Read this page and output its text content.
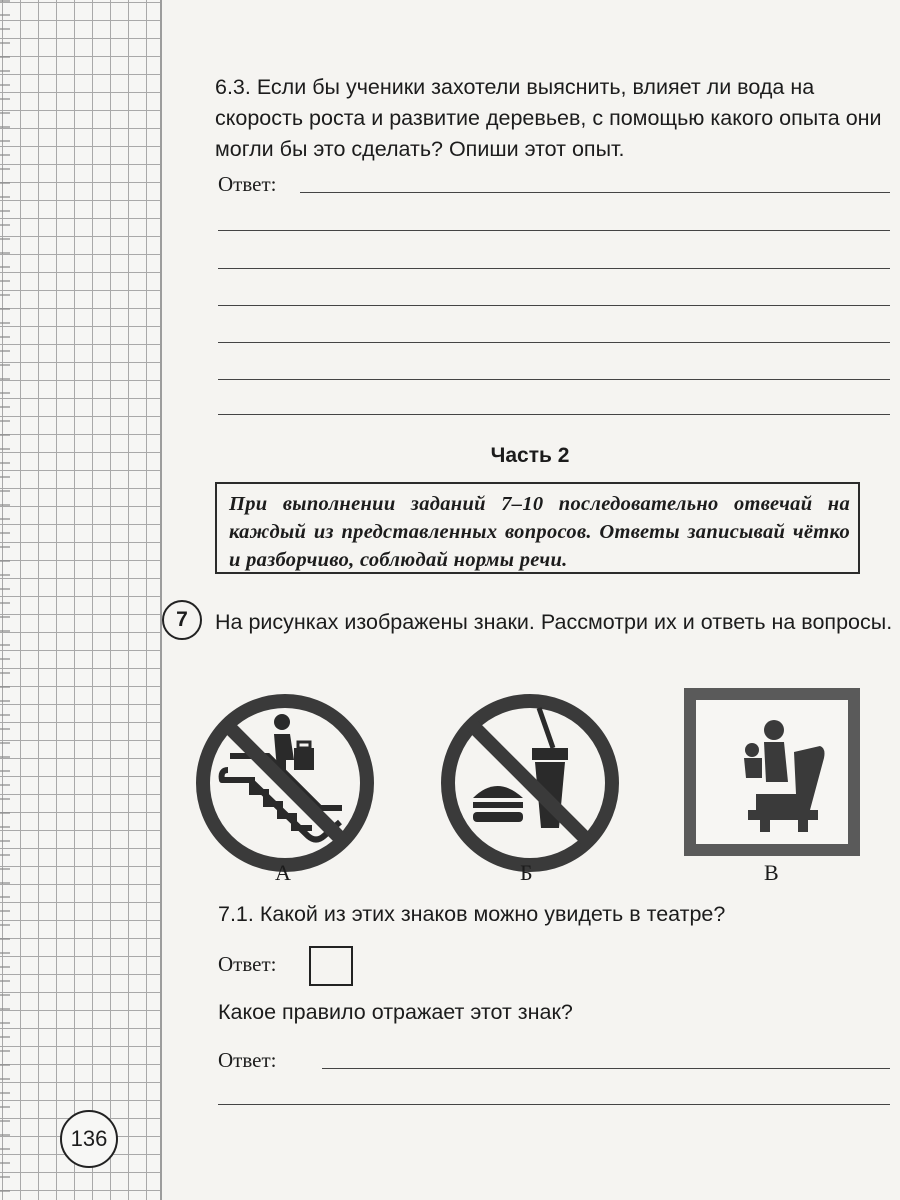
6.3. Если бы ученики захотели выяснить, влияет ли вода на скорость роста и развитие деревьев, с помощью какого опыта они могли бы это сделать? Опиши этот опыт.
Ответ:
Часть 2
При выполнении заданий 7–10 последовательно отвечай на каждый из представленных вопросов. Ответы записывай чётко и разборчиво, соблюдай нормы речи.
7	На рисунках изображены знаки. Рассмотри их и ответь на вопросы.
А	Б	В
7.1. Какой из этих знаков можно увидеть в театре?
Ответ:
Какое правило отражает этот знак?
Ответ:
136
